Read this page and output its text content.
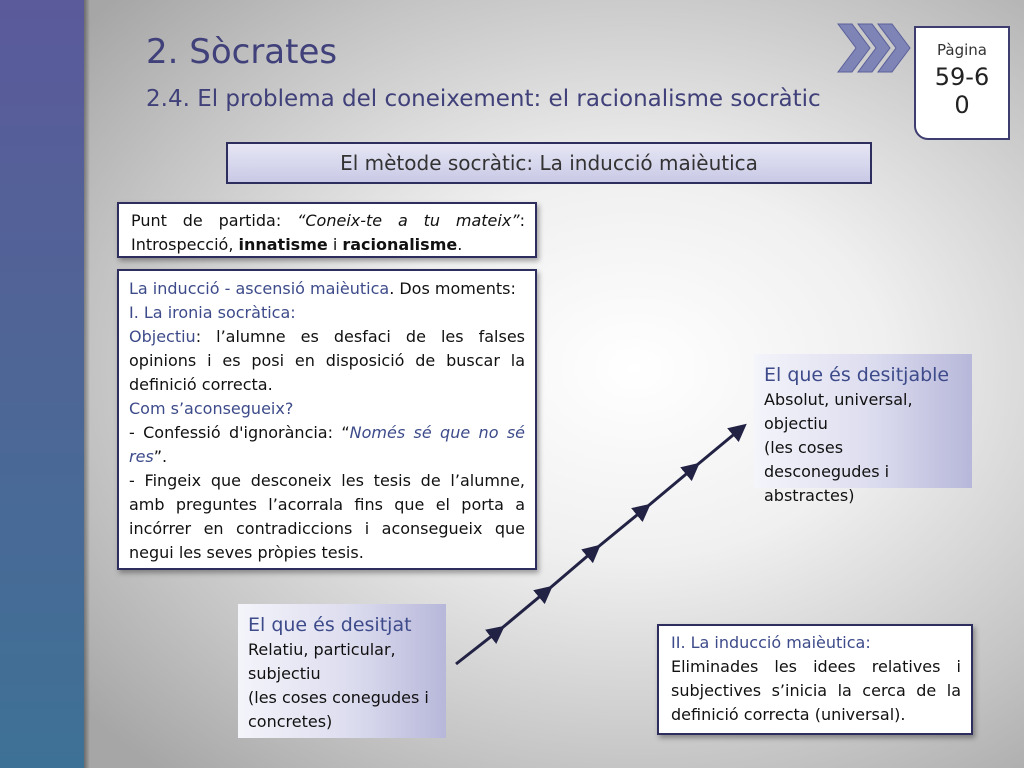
2. Sòcrates
2.4. El problema del coneixement: el racionalisme socràtic
Pàgina
59-60
El mètode socràtic: La inducció maièutica

Punt de partida: “Coneix-te a tu mateix”: Introspecció, innatisme i racionalisme.

La inducció - ascensió maièutica. Dos moments:

I. La ironia socràtica:

Objectiu: l’alumne es desfaci de les falses opinions i es posi en disposició de buscar la definició correcta.

Com s’aconsegueix?

- Confessió d'ignorància: “Només sé que no sé res”.

- Fingeix que desconeix les tesis de l’alumne, amb preguntes l’acorrala fins que el porta a incórrer en contradiccions i aconsegueix que negui les seves pròpies tesis.

El que és desitjat
Relatiu, particular, subjectiu
(les coses conegudes i concretes)
El que és desitjable
Absolut, universal, objectiu
(les coses desconegudes i abstractes)

II. La inducció maièutica:

Eliminades les idees relatives i subjectives s’inicia la cerca de la definició correcta (universal).
